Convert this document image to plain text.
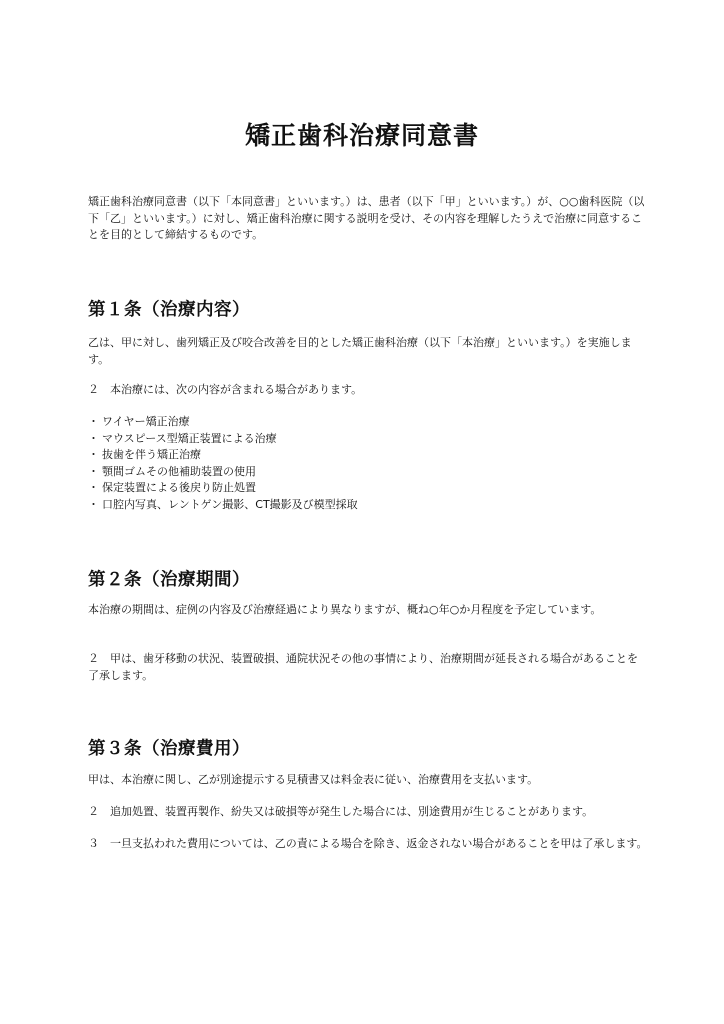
矯正歯科治療同意書

矯正歯科治療同意書（以下「本同意書」といいます。）は、患者（以下「甲」といいます。）が、○○歯科医院（以下「乙」といいます。）に対し、矯正歯科治療に関する説明を受け、その内容を理解したうえで治療に同意することを目的として締結するものです。

第１条（治療内容）

乙は、甲に対し、歯列矯正及び咬合改善を目的とした矯正歯科治療（以下「本治療」といいます。）を実施します。

２　本治療には、次の内容が含まれる場合があります。

・ ワイヤー矯正治療
・ マウスピース型矯正装置による治療
・ 抜歯を伴う矯正治療
・ 顎間ゴムその他補助装置の使用
・ 保定装置による後戻り防止処置
・ 口腔内写真、レントゲン撮影、CT撮影及び模型採取
第２条（治療期間）

本治療の期間は、症例の内容及び治療経過により異なりますが、概ね○年○か月程度を予定しています。

２　甲は、歯牙移動の状況、装置破損、通院状況その他の事情により、治療期間が延長される場合があることを了承します。

第３条（治療費用）

甲は、本治療に関し、乙が別途提示する見積書又は料金表に従い、治療費用を支払います。

２　追加処置、装置再製作、紛失又は破損等が発生した場合には、別途費用が生じることがあります。

３　一旦支払われた費用については、乙の責による場合を除き、返金されない場合があることを甲は了承します。
